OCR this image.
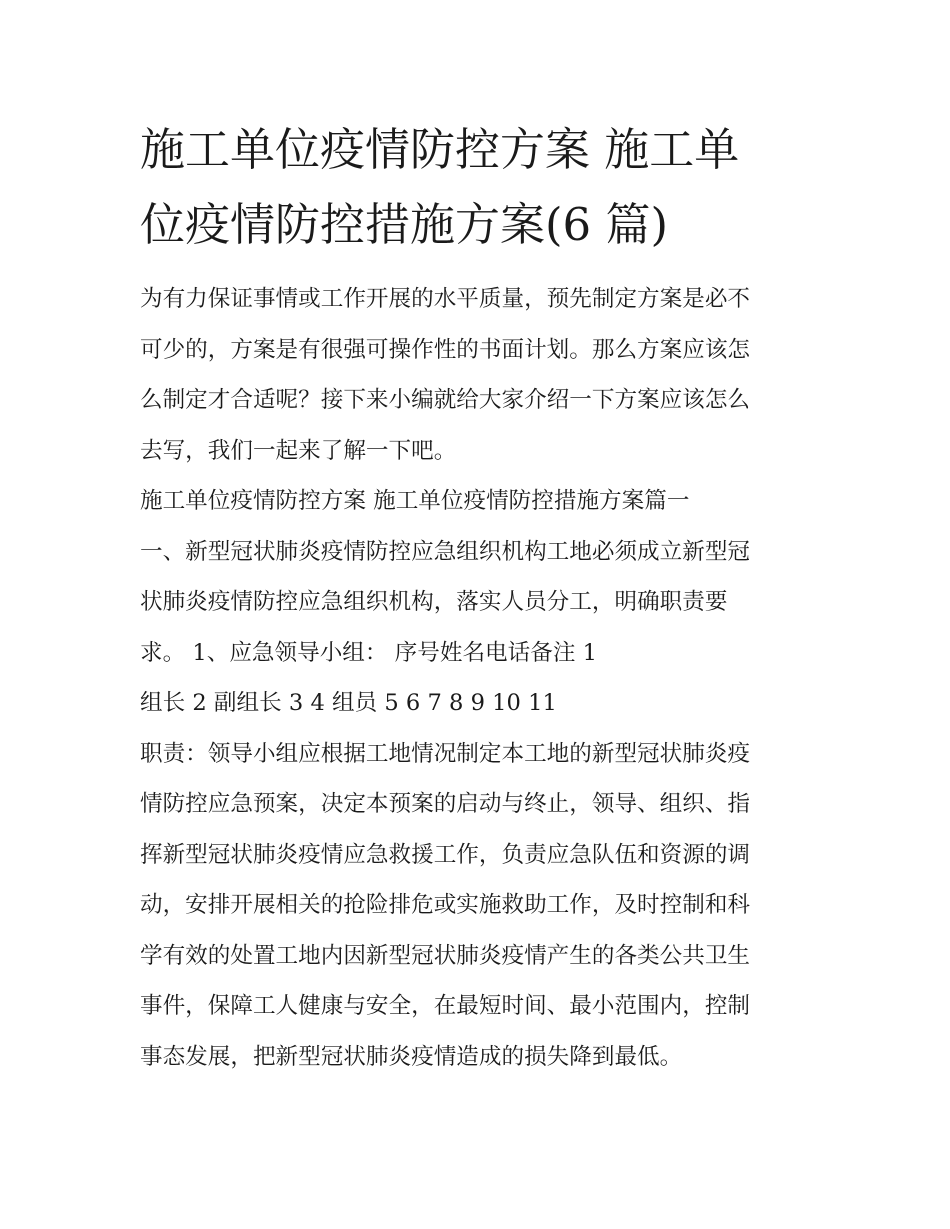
施工单位疫情防控方案 施工单
位疫情防控措施方案(6 篇)

为有力保证事情或工作开展的水平质量，预先制定方案是必不
可少的，方案是有很强可操作性的书面计划。那么方案应该怎
么制定才合适呢？接下来小编就给大家介绍一下方案应该怎么
去写，我们一起来了解一下吧。

施工单位疫情防控方案 施工单位疫情防控措施方案篇一

一、新型冠状肺炎疫情防控应急组织机构工地必须成立新型冠
状肺炎疫情防控应急组织机构，落实人员分工，明确职责要
求。 1、应急领导小组： 序号姓名电话备注 1

组长 2 副组长 3 4 组员 5 6 7 8 9 10 11

职责：领导小组应根据工地情况制定本工地的新型冠状肺炎疫
情防控应急预案，决定本预案的启动与终止，领导、组织、指
挥新型冠状肺炎疫情应急救援工作，负责应急队伍和资源的调
动，安排开展相关的抢险排危或实施救助工作，及时控制和科
学有效的处置工地内因新型冠状肺炎疫情产生的各类公共卫生
事件，保障工人健康与安全，在最短时间、最小范围内，控制
事态发展，把新型冠状肺炎疫情造成的损失降到最低。
